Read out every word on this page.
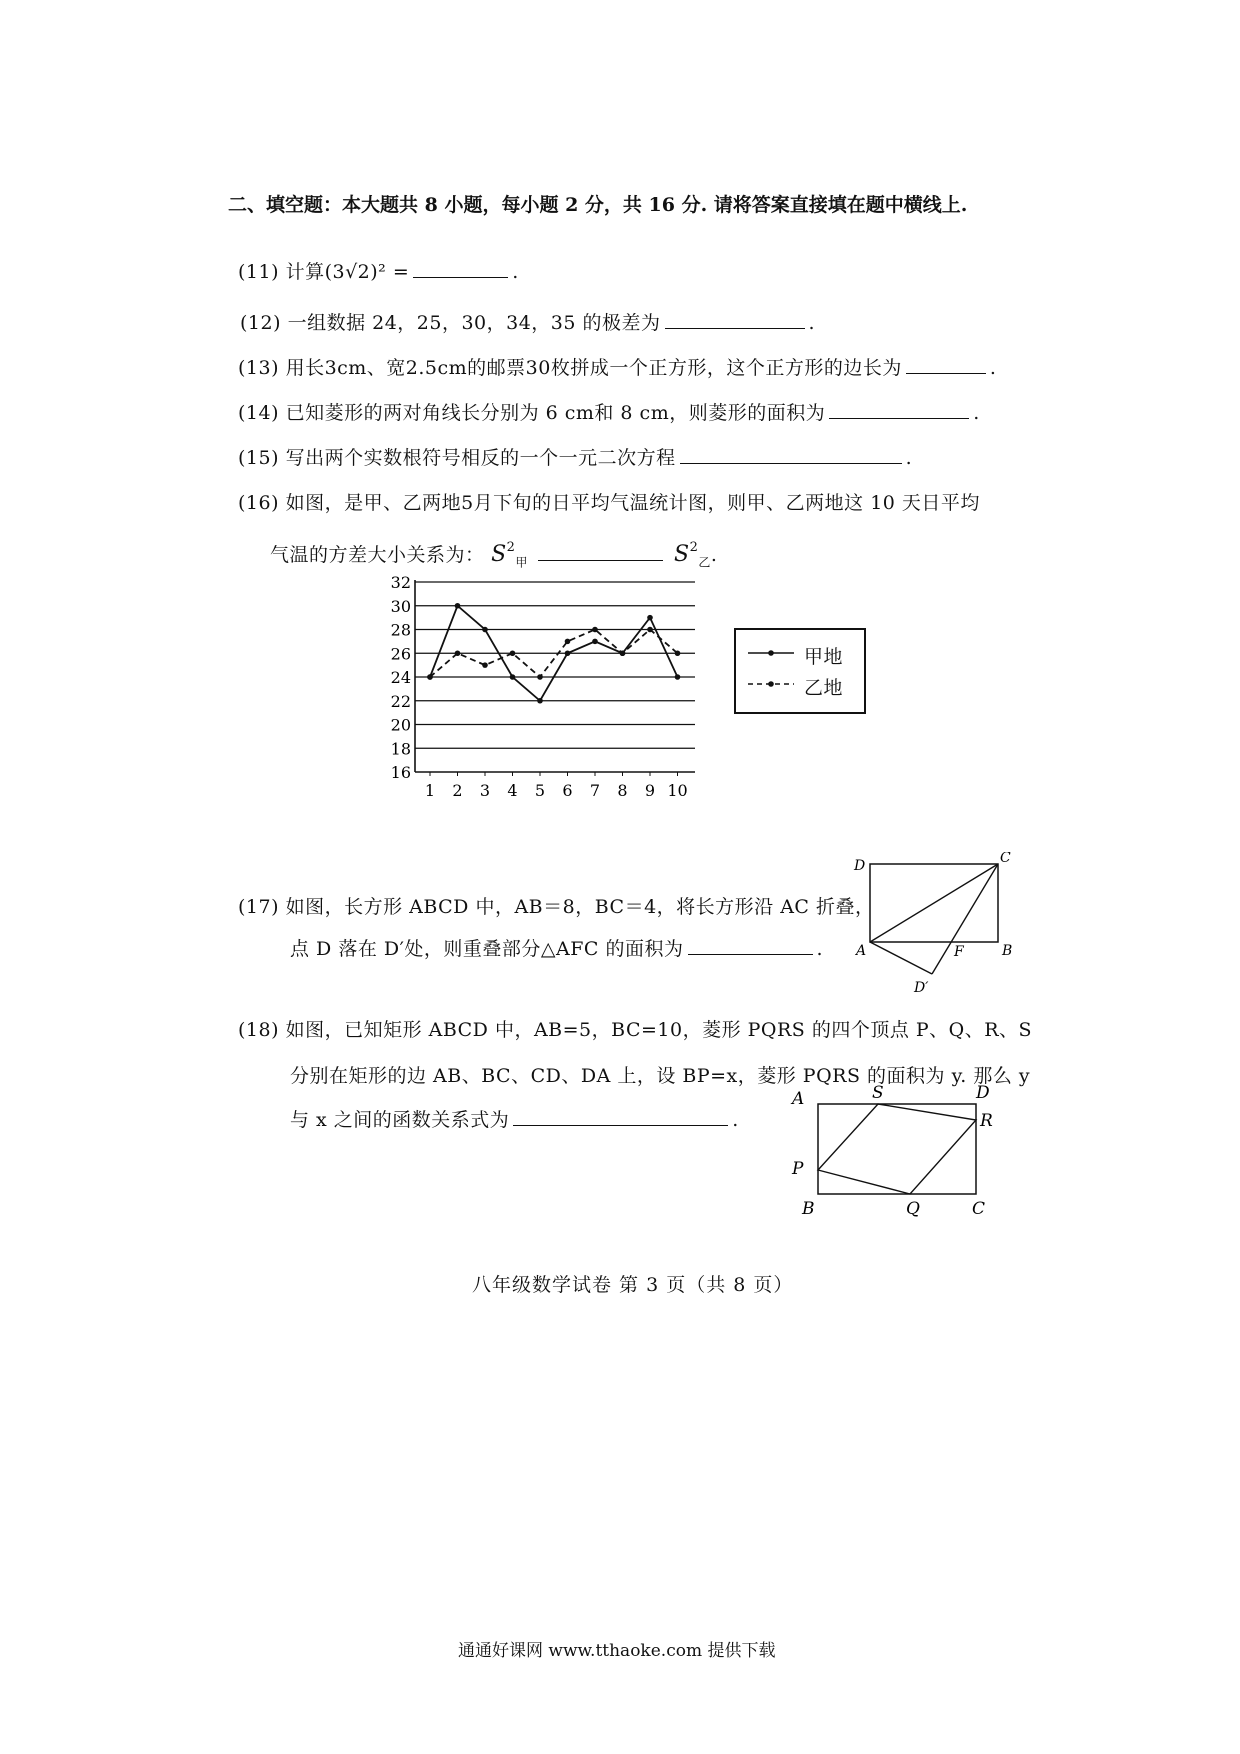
二、填空题：本大题共 8 小题，每小题 2 分，共 16 分. 请将答案直接填在题中横线上.
(11) 计算(3√2)² =	.
(12) 一组数据 24，25，30，34，35 的极差为	.
(13) 用长3cm、宽2.5cm的邮票30枚拼成一个正方形，这个正方形的边长为	.
(14) 已知菱形的两对角线长分别为 6 cm和 8 cm，则菱形的面积为	.
(15) 写出两个实数根符号相反的一个一元二次方程	.
(16) 如图，是甲、乙两地5月下旬的日平均气温统计图，则甲、乙两地这 10 天日平均
气温的方差大小关系为： $S^2_甲$	$S^2_乙$.
16
18
20
22
24
26
28
30
32
1 2 3 4 5 6 7 8 9 10
甲地
乙地
(17) 如图，长方形 ABCD 中，AB＝8，BC＝4，将长方形沿 AC 折叠，
点 D 落在 D′处，则重叠部分△AFC 的面积为	.
D	C
A	B
F
D′
(18) 如图，已知矩形 ABCD 中，AB=5，BC=10，菱形 PQRS 的四个顶点 P、Q、R、S
分别在矩形的边 AB、BC、CD、DA 上，设 BP=x，菱形 PQRS 的面积为 y. 那么 y
与 x 之间的函数关系式为	.
A	S	D
R
P
B	Q	C
八年级数学试卷 第 3 页（共 8 页）
通通好课网 www.tthaoke.com 提供下载
